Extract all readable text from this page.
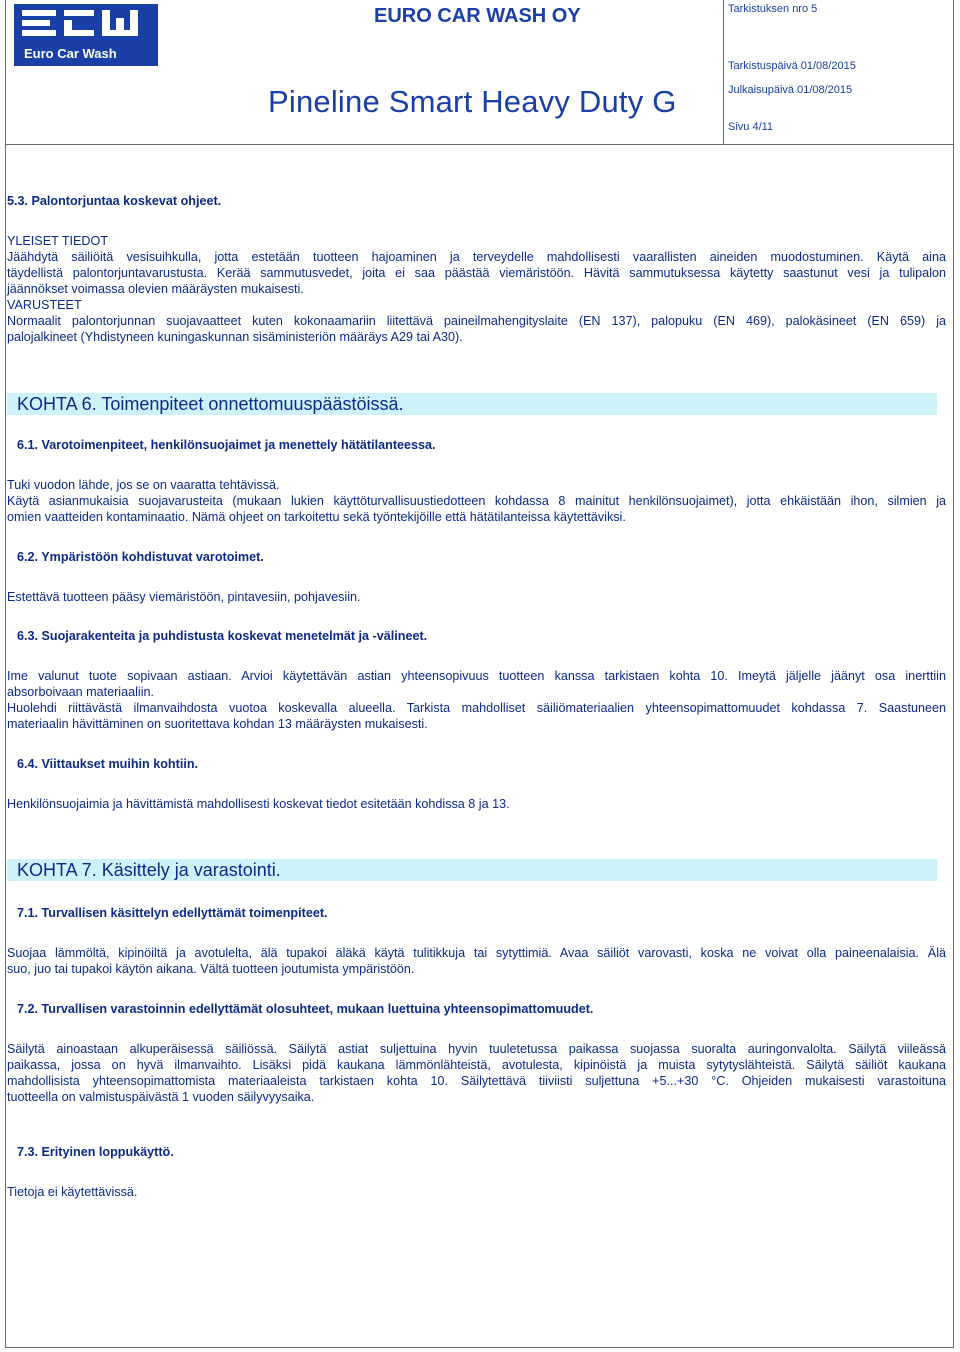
Euro Car Wash
EURO CAR WASH OY
Pineline Smart Heavy Duty G
Tarkistuksen nro 5
Tarkistuspäivä 01/08/2015
Julkaisupäivä 01/08/2015
Sivu 4/11
5.3. Palontorjuntaa koskevat ohjeet.
YLEISET TIEDOT
Jäähdytä säiliöitä vesisuihkulla, jotta estetään tuotteen hajoaminen ja terveydelle mahdollisesti vaarallisten aineiden muodostuminen. Käytä aina
täydellistä palontorjuntavarustusta. Kerää sammutusvedet, joita ei saa päästää viemäristöön. Hävitä sammutuksessa käytetty saastunut vesi ja tulipalon
jäännökset voimassa olevien määräysten mukaisesti.
VARUSTEET
Normaalit palontorjunnan suojavaatteet kuten kokonaamariin liitettävä paineilmahengityslaite (EN 137), palopuku (EN 469), palokäsineet (EN 659) ja
palojalkineet (Yhdistyneen kuningaskunnan sisäministeriön määräys A29 tai A30).
KOHTA 6. Toimenpiteet onnettomuuspäästöissä.
6.1. Varotoimenpiteet, henkilönsuojaimet ja menettely hätätilanteessa.
Tuki vuodon lähde, jos se on vaaratta tehtävissä.
Käytä asianmukaisia suojavarusteita (mukaan lukien käyttöturvallisuustiedotteen kohdassa 8 mainitut henkilönsuojaimet), jotta ehkäistään ihon, silmien ja
omien vaatteiden kontaminaatio. Nämä ohjeet on tarkoitettu sekä työntekijöille että hätätilanteissa käytettäviksi.
6.2. Ympäristöön kohdistuvat varotoimet.
Estettävä tuotteen pääsy viemäristöön, pintavesiin, pohjavesiin.
6.3. Suojarakenteita ja puhdistusta koskevat menetelmät ja -välineet.
Ime valunut tuote sopivaan astiaan. Arvioi käytettävän astian yhteensopivuus tuotteen kanssa tarkistaen kohta 10. Imeytä jäljelle jäänyt osa inerttiin
absorboivaan materiaaliin.
Huolehdi riittävästä ilmanvaihdosta vuotoa koskevalla alueella. Tarkista mahdolliset säiliömateriaalien yhteensopimattomuudet kohdassa 7. Saastuneen
materiaalin hävittäminen on suoritettava kohdan 13 määräysten mukaisesti.
6.4. Viittaukset muihin kohtiin.
Henkilönsuojaimia ja hävittämistä mahdollisesti koskevat tiedot esitetään kohdissa 8 ja 13.
KOHTA 7. Käsittely ja varastointi.
7.1. Turvallisen käsittelyn edellyttämät toimenpiteet.
Suojaa lämmöltä, kipinöiltä ja avotulelta, älä tupakoi äläkä käytä tulitikkuja tai sytyttimiä. Avaa säiliöt varovasti, koska ne voivat olla paineenalaisia. Älä
suo, juo tai tupakoi käytön aikana. Vältä tuotteen joutumista ympäristöön.
7.2. Turvallisen varastoinnin edellyttämät olosuhteet, mukaan luettuina yhteensopimattomuudet.
Säilytä ainoastaan alkuperäisessä säiliössä. Säilytä astiat suljettuina hyvin tuuletetussa paikassa suojassa suoralta auringonvalolta. Säilytä viileässä
paikassa, jossa on hyvä ilmanvaihto. Lisäksi pidä kaukana lämmönlähteistä, avotulesta, kipinöistä ja muista sytytyslähteistä. Säilytä säiliöt kaukana
mahdollisista yhteensopimattomista materiaaleista tarkistaen kohta 10. Säilytettävä tiiviisti suljettuna +5...+30 °C. Ohjeiden mukaisesti varastoituna
tuotteella on valmistuspäivästä 1 vuoden säilyvyysaika.
7.3. Erityinen loppukäyttö.
Tietoja ei käytettävissä.
